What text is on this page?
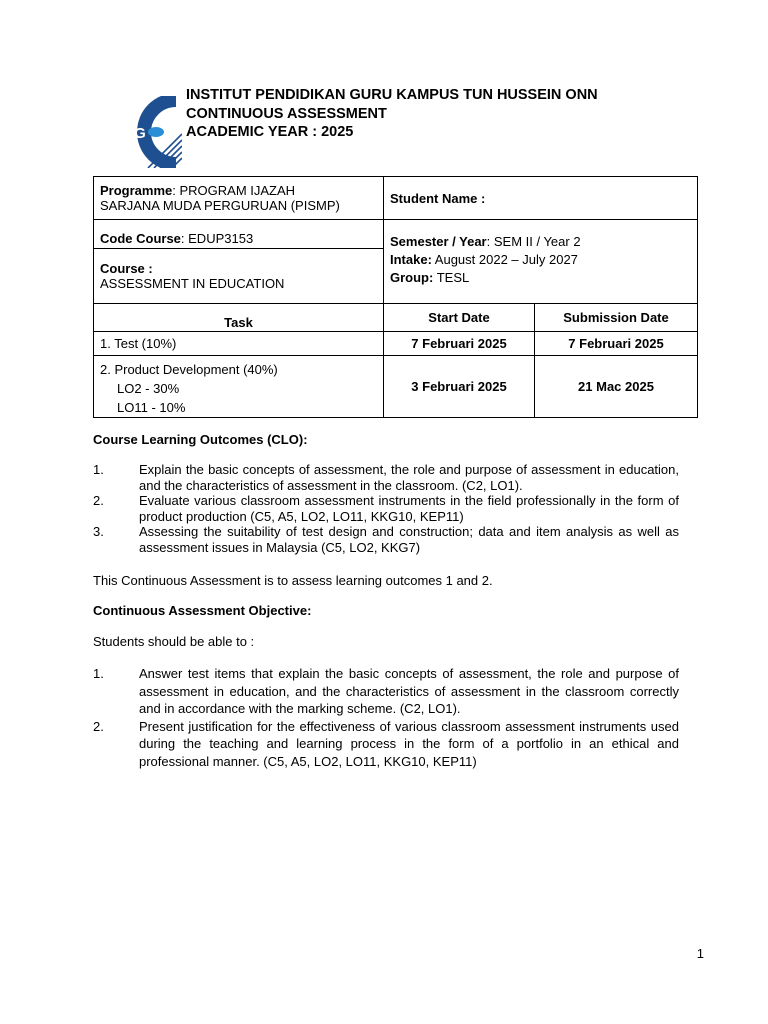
IPG
INSTITUT PENDIDIKAN GURU KAMPUS TUN HUSSEIN ONN
CONTINUOUS ASSESSMENT
ACADEMIC YEAR : 2025
Programme: PROGRAM IJAZAH
SARJANA MUDA PERGURUAN (PISMP)	Student Name :	
Code Course: EDUP3153	Semester / Year: SEM II / Year 2
Intake: August 2022 – July 2027
Group: TESL	
Course :
ASSESSMENT IN EDUCATION		
Task	Start Date	Submission Date
1. Test (10%)	7 Februari 2025	7 Februari 2025
2. Product Development (40%)
LO2 - 30%
LO11 - 10%	3 Februari 2025	21 Mac 2025
Course Learning Outcomes (CLO):
1.	Explain the basic concepts of assessment, the role and purpose of assessment in education, and the characteristics of assessment in the classroom. (C2, LO1).
2.	Evaluate various classroom assessment instruments in the field professionally in the form of product production (C5, A5, LO2, LO11, KKG10, KEP11)
3.	Assessing the suitability of test design and construction; data and item analysis as well as assessment issues in Malaysia (C5, LO2, KKG7)
This Continuous Assessment is to assess learning outcomes 1 and 2.
Continuous Assessment Objective:
Students should be able to :
1.	Answer test items that explain the basic concepts of assessment, the role and purpose of assessment in education, and the characteristics of assessment in the classroom correctly and in accordance with the marking scheme. (C2, LO1).
2.	Present justification for the effectiveness of various classroom assessment instruments used during the teaching and learning process in the form of a portfolio in an ethical and professional manner. (C5, A5, LO2, LO11, KKG10, KEP11)
1
